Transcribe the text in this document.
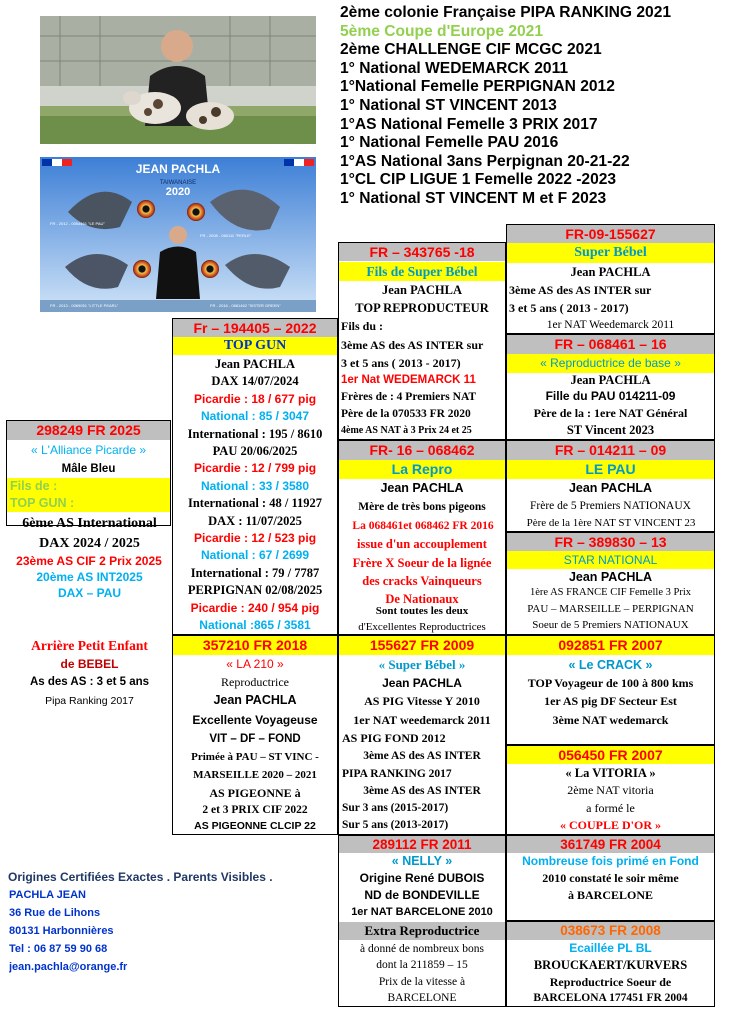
JEAN PACHLA
TAIWANAISE
2020
FR - 2012 - 0054461 "LE PAU"
FR - 2008 - 060111 "PERLE"
FR - 2013 - 0069051 "LITTLE PEARL"	FR - 2016 - 0681462 "SISTER GREEN"
2ème colonie Française PIPA RANKING 2021
5ème Coupe d'Europe 2021
2ème CHALLENGE CIF MCGC 2021
1° National WEDEMARCK 2011
1°National Femelle PERPIGNAN 2012
1° National ST VINCENT 2013
1°AS National Femelle 3 PRIX 2017
1° National Femelle PAU 2016
1°AS National 3ans Perpignan 20-21-22
1°CL CIP LIGUE 1 Femelle 2022 -2023
1° National ST VINCENT M et F 2023
298249 FR 2025
« L'Alliance Picarde »
Mâle Bleu
Fils de :
TOP GUN :
6ème AS International
DAX 2024 / 2025
23ème AS CIF 2 Prix 2025
20ème AS INT2025
DAX – PAU
Arrière Petit Enfant
de BEBEL
As des AS : 3 et 5 ans
Pipa Ranking 2017
Fr – 194405 – 2022
TOP GUN
Jean PACHLA
DAX 14/07/2024
Picardie : 18 / 677 pig
National : 85 / 3047
International : 195 / 8610
PAU 20/06/2025
Picardie : 12 / 799 pig
National : 33 / 3580
International : 48 / 11927
DAX : 11/07/2025
Picardie : 12 / 523 pig
National : 67 / 2699
International : 79 / 7787
PERPIGNAN 02/08/2025
Picardie : 240 / 954 pig
National :865 / 3581
FR – 343765 -18
Fils de Super Bébel
Jean PACHLA
TOP REPRODUCTEUR
Fils du :
3ème AS des AS INTER sur
3 et 5 ans ( 2013 - 2017)
1er Nat WEDEMARCK 11
Frères de : 4 Premiers NAT
Père de la 070533 FR 2020
4ème AS NAT à 3 Prix 24 et 25
FR- 16 – 068462
La Repro
Jean PACHLA
Mère de très bons pigeons
La 068461et 068462 FR 2016
issue d'un accouplement
Frère X Soeur de la lignée
des cracks Vainqueurs
De Nationaux
Sont toutes les deux
d'Excellentes Reproductrices
FR-09-155627
Super Bébel
Jean PACHLA
3ème AS des AS INTER sur
3 et 5 ans ( 2013 - 2017)
1er NAT Weedemarck 2011
FR – 068461 – 16
« Reproductrice de base »
Jean PACHLA
Fille du PAU 014211-09
Père de la : 1ere NAT Général
ST Vincent 2023
FR – 014211 – 09
LE PAU
Jean PACHLA
Frère de 5 Premiers NATIONAUX
Père de la 1ère NAT ST VINCENT 23
FR – 389830 – 13
STAR NATIONAL
Jean PACHLA
1ère AS FRANCE CIF Femelle 3 Prix
PAU – MARSEILLE – PERPIGNAN
Soeur de 5 Premiers NATIONAUX
357210 FR 2018
« LA 210 »
Reproductrice
Jean PACHLA
Excellente Voyageuse
VIT – DF – FOND
Primée à PAU – ST VINC -
MARSEILLE 2020 – 2021
AS PIGEONNE à
2 et 3 PRIX CIF 2022
AS PIGEONNE CLCIP 22
155627 FR 2009
« Super Bébel »
Jean PACHLA
AS PIG Vitesse Y 2010
1er NAT weedemarck 2011
AS PIG FOND 2012
3ème AS des AS INTER
PIPA RANKING 2017
3ème AS des AS INTER
Sur 3 ans (2015-2017)
Sur 5 ans (2013-2017)
092851 FR 2007
« Le CRACK »
TOP Voyageur de 100 à 800 kms
1er AS pig DF Secteur Est
3ème NAT wedemarck
056450 FR 2007
« La VITORIA »
2ème NAT vitoria
a formé le
« COUPLE D'OR »
289112 FR 2011
« NELLY »
Origine René DUBOIS
ND de BONDEVILLE
1er NAT BARCELONE 2010
Extra Reproductrice
à donné de nombreux bons
dont la 211859 – 15
Prix de la vitesse à
BARCELONE
361749 FR 2004
Nombreuse fois primé en Fond
2010 constaté le soir même
à BARCELONE
038673 FR 2008
Ecaillée PL BL
BROUCKAERT/KURVERS
Reproductrice Soeur de
BARCELONA 177451 FR 2004
Origines Certifiées Exactes . Parents Visibles .
PACHLA JEAN
36 Rue de Lihons
80131 Harbonnières
Tel : 06 87 59 90 68
jean.pachla@orange.fr
